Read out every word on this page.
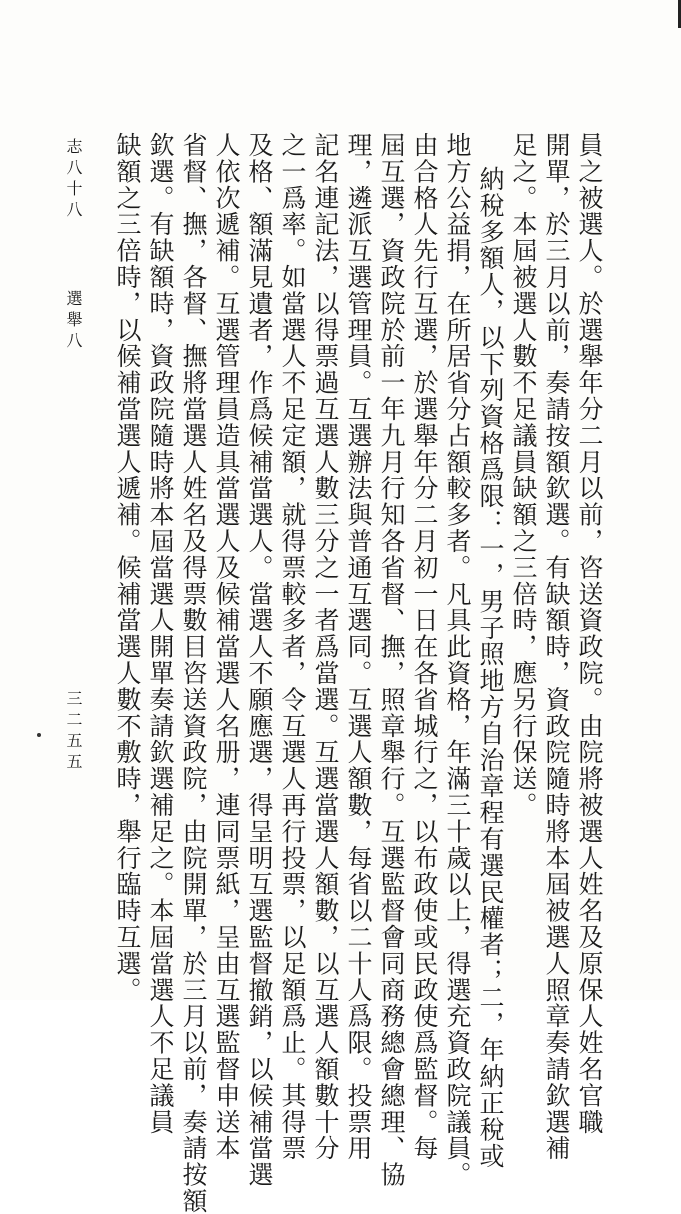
員之被選人。於選舉年分二月以前，咨送資政院。由院將被選人姓名及原保人姓名官職
開單，於三月以前，奏請按額欽選。有缺額時，資政院隨時將本屆被選人照章奏請欽選補
足之。本屆被選人數不足議員缺額之三倍時，應另行保送。
納稅多額人，以下列資格爲限：一，男子照地方自治章程有選民權者；二，年納正稅或
地方公益捐，在所居省分占額較多者。凡具此資格，年滿三十歲以上，得選充資政院議員。
由合格人先行互選，於選舉年分二月初一日在各省城行之，以布政使或民政使爲監督。每
屆互選，資政院於前一年九月行知各省督、撫，照章舉行。互選監督會同商務總會總理、協
理，遴派互選管理員。互選辦法與普通互選同。互選人額數，每省以二十人爲限。投票用
記名連記法，以得票過互選人數三分之一者爲當選。互選當選人額數，以互選人額數十分
之一爲率。如當選人不足定額，就得票較多者，令互選人再行投票，以足額爲止。其得票
及格、額滿見遺者，作爲候補當選人。當選人不願應選，得呈明互選監督撤銷，以候補當選
人依次遞補。互選管理員造具當選人及候補當選人名册，連同票紙，呈由互選監督申送本
省督、撫，各督、撫將當選人姓名及得票數目咨送資政院，由院開單，於三月以前，奏請按額
欽選。有缺額時，資政院隨時將本屆當選人開單奏請欽選補足之。本屆當選人不足議員
缺額之三倍時，以候補當選人遞補。候補當選人數不敷時，舉行臨時互選。
志八十八
選舉八
三二五五
